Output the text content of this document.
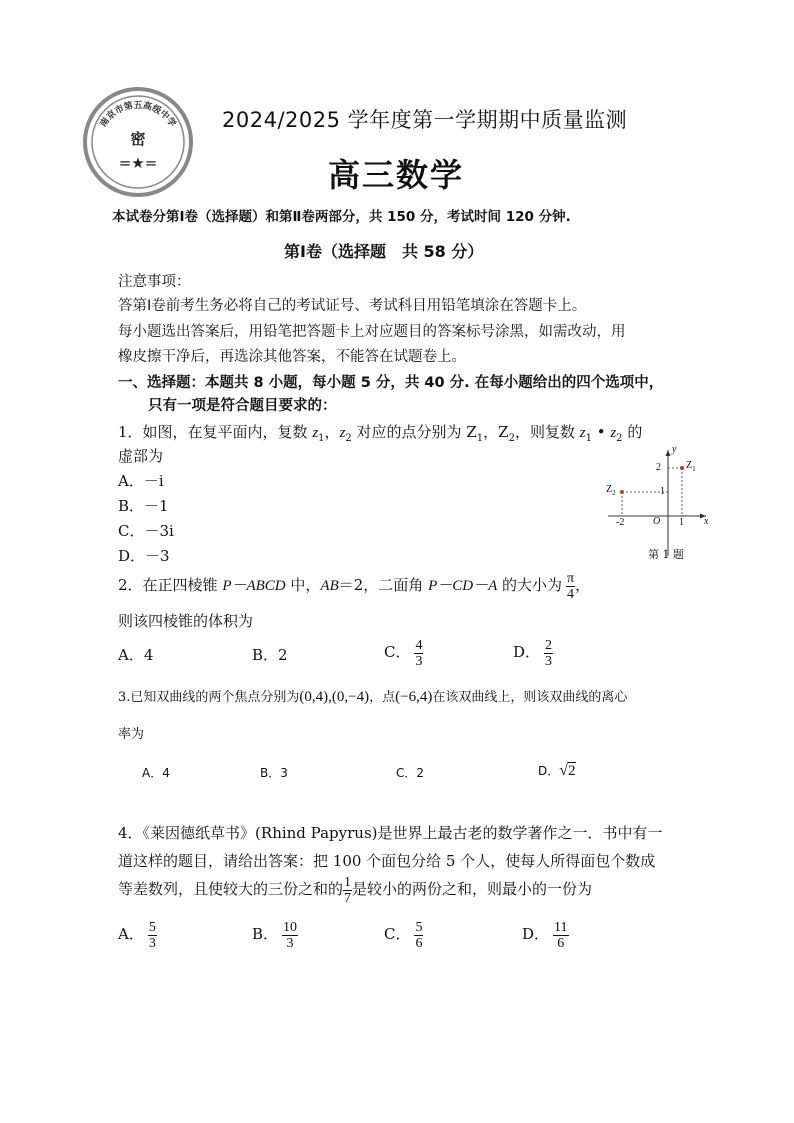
南京市第五高级中学
密
=★=
2024/2025 学年度第一学期期中质量监测
高三数学
本试卷分第Ⅰ卷（选择题）和第Ⅱ卷两部分，共 150 分，考试时间 120 分钟.
第Ⅰ卷（选择题　共 58 分）
注意事项：
答第Ⅰ卷前考生务必将自己的考试证号、考试科目用铅笔填涂在答题卡上。
每小题选出答案后，用铅笔把答题卡上对应题目的答案标号涂黑，如需改动，用
橡皮擦干净后，再选涂其他答案，不能答在试题卷上。
一、选择题：本题共 8 小题，每小题 5 分，共 40 分. 在每小题给出的四个选项中，
只有一项是符合题目要求的：
1．如图，在复平面内，复数 $z_1$，$z_2$ 对应的点分别为 $Z_1$，$Z_2$，则复数 $z_1$ • $z_2$ 的
虚部为
A．－i
B．－1
C．－3i
D．－3
y
x
O
2
1
-2	1
$Z_1$
$Z_2$
第 1 题
2．在正四棱锥 P－ABCD 中，AB＝2，二面角 P－CD－A 的大小为 $\frac{\pi}{4}$ ，
则该四棱锥的体积为
A．4	B．2	C． $\frac{4}{3}$	D． $\frac{2}{3}$
3.已知双曲线的两个焦点分别为(0,4),(0,−4)，点(−6,4)在该双曲线上，则该双曲线的离心
率为
A．4	B．3	C．2	D．√2
4．《莱因德纸草书》(Rhind Papyrus)是世界上最古老的数学著作之一．书中有一
道这样的题目，请给出答案：把 100 个面包分给 5 个人，使每人所得面包个数成
等差数列，且使较大的三份之和的 $\frac{1}{7}$ 是较小的两份之和，则最小的一份为
A． $\frac{5}{3}$	B． $\frac{10}{3}$	C． $\frac{5}{6}$	D． $\frac{11}{6}$
